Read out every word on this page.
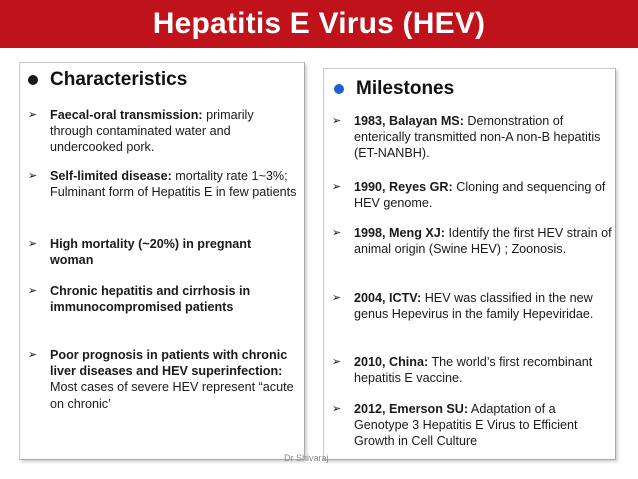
Hepatitis E Virus (HEV)
Characteristics
➢	Faecal-oral transmission: primarily through contaminated water and undercooked pork.
➢	Self-limited disease: mortality rate 1~3%; Fulminant form of Hepatitis E in few patients
➢	High mortality (~20%) in pregnant woman
➢	Chronic hepatitis and cirrhosis in immunocompromised patients
➢	Poor prognosis in patients with chronic liver diseases and HEV superinfection: Most cases of severe HEV represent “acute on chronic’
Milestones
➢	1983, Balayan MS: Demonstration of enterically transmitted non-A non-B hepatitis (ET-NANBH).
➢	1990, Reyes GR: Cloning and sequencing of HEV genome.
➢	1998, Meng XJ: Identify the first HEV strain of animal origin (Swine HEV) ; Zoonosis.
➢	2004, ICTV: HEV was classified in the new genus Hepevirus in the family Hepeviridae.
➢	2010, China: The world’s first recombinant hepatitis E vaccine.
➢	2012, Emerson SU: Adaptation of a Genotype 3 Hepatitis E Virus to Efficient Growth in Cell Culture
Dr Shivaraj
